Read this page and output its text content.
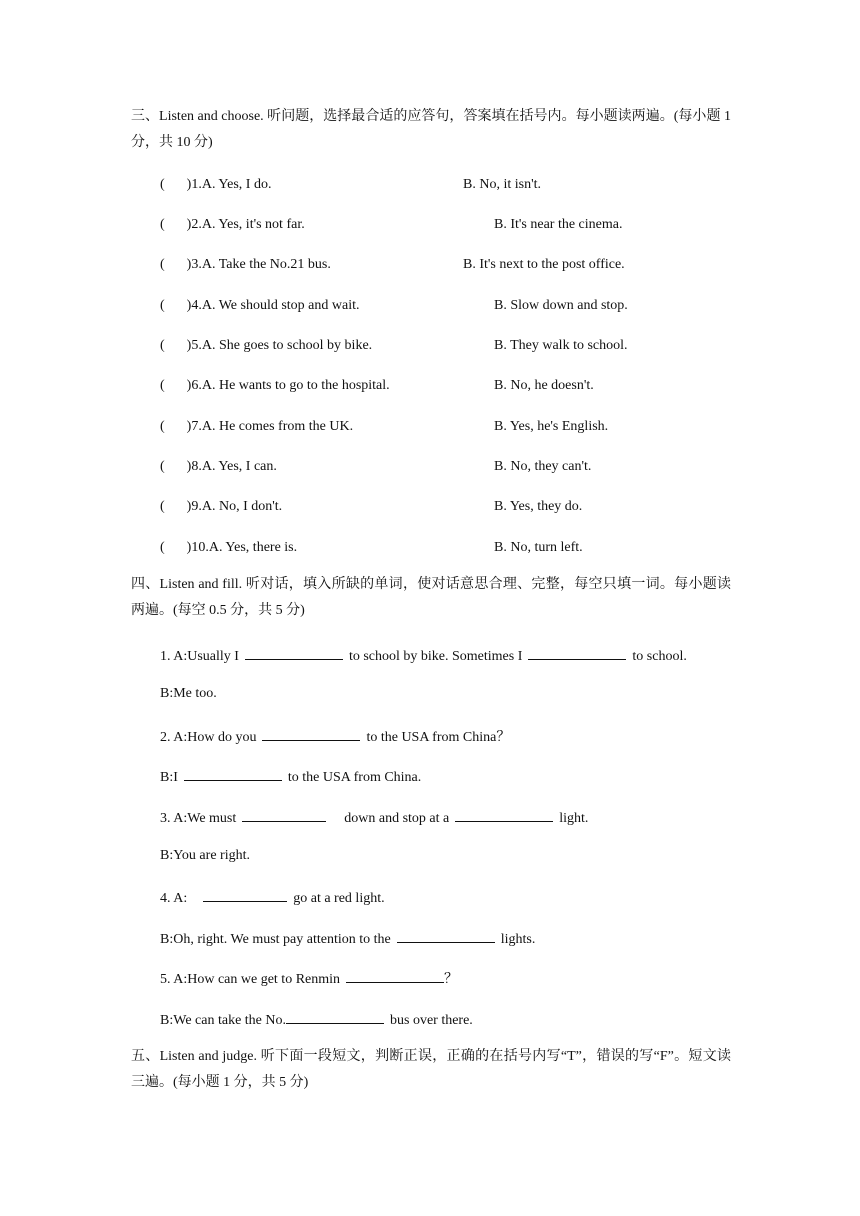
三、Listen and choose. 听问题，选择最合适的应答句，答案填在括号内。每小题读两遍。(每小题 1 分，共 10 分)
( )1.A. Yes, I do.	B. No, it isn't.
( )2.A. Yes, it's not far.	B. It's near the cinema.
( )3.A. Take the No.21 bus.	B. It's next to the post office.
( )4.A. We should stop and wait.	B. Slow down and stop.
( )5.A. She goes to school by bike.	B. They walk to school.
( )6.A. He wants to go to the hospital.	B. No, he doesn't.
( )7.A. He comes from the UK.	B. Yes, he's English.
( )8.A. Yes, I can.	B. No, they can't.
( )9.A. No, I don't.	B. Yes, they do.
( )10.A. Yes, there is.	B. No, turn left.
四、Listen and fill. 听对话，填入所缺的单词，使对话意思合理、完整，每空只填一词。每小题读两遍。(每空 0.5 分，共 5 分)
1. A:Usually I	to school by bike. Sometimes I	to school.
B:Me too.
2. A:How do you	to the USA from China？
B:I	to the USA from China.
3. A:We must	down and stop at a	light.
B:You are right.
4. A:	go at a red light.
B:Oh, right. We must pay attention to the	lights.
5. A:How can we get to Renmin	？
B:We can take the No.	bus over there.
五、Listen and judge. 听下面一段短文，判断正误，正确的在括号内写“T”，错误的写“F”。短文读三遍。(每小题 1 分，共 5 分)
